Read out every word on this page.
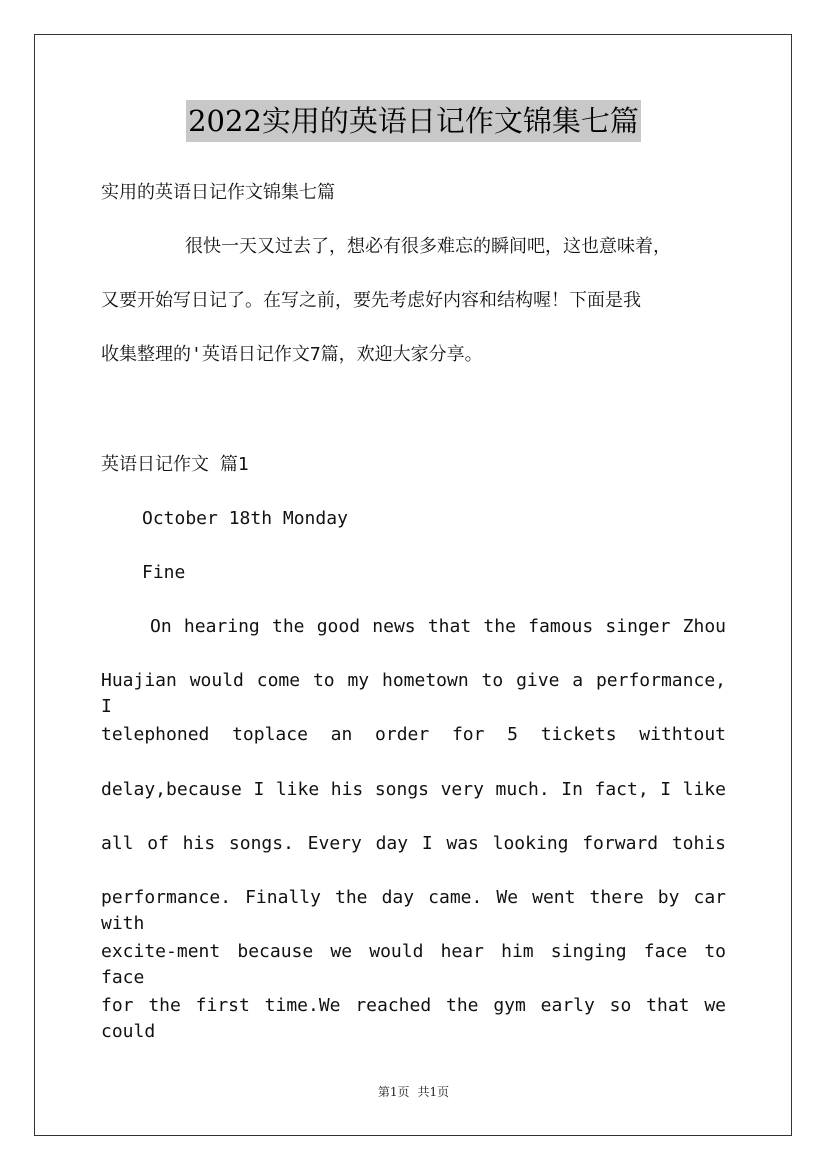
2022实用的英语日记作文锦集七篇
实用的英语日记作文锦集七篇
很快一天又过去了，想必有很多难忘的瞬间吧，这也意味着，
又要开始写日记了。在写之前，要先考虑好内容和结构喔！下面是我
收集整理的'英语日记作文7篇，欢迎大家分享。
英语日记作文 篇1
October 18th Monday
Fine
On hearing the good news that the famous singer Zhou
Huajian would come to my hometown to give a performance, I
telephoned toplace an order for 5 tickets withtout
delay,because I like his songs very much. In fact, I like
all of his songs. Every day I was looking forward tohis
performance. Finally the day came. We went there by car with
excite-ment because we would hear him singing face to face
for the first time.We reached the gym early so that we could
第1页 共1页
